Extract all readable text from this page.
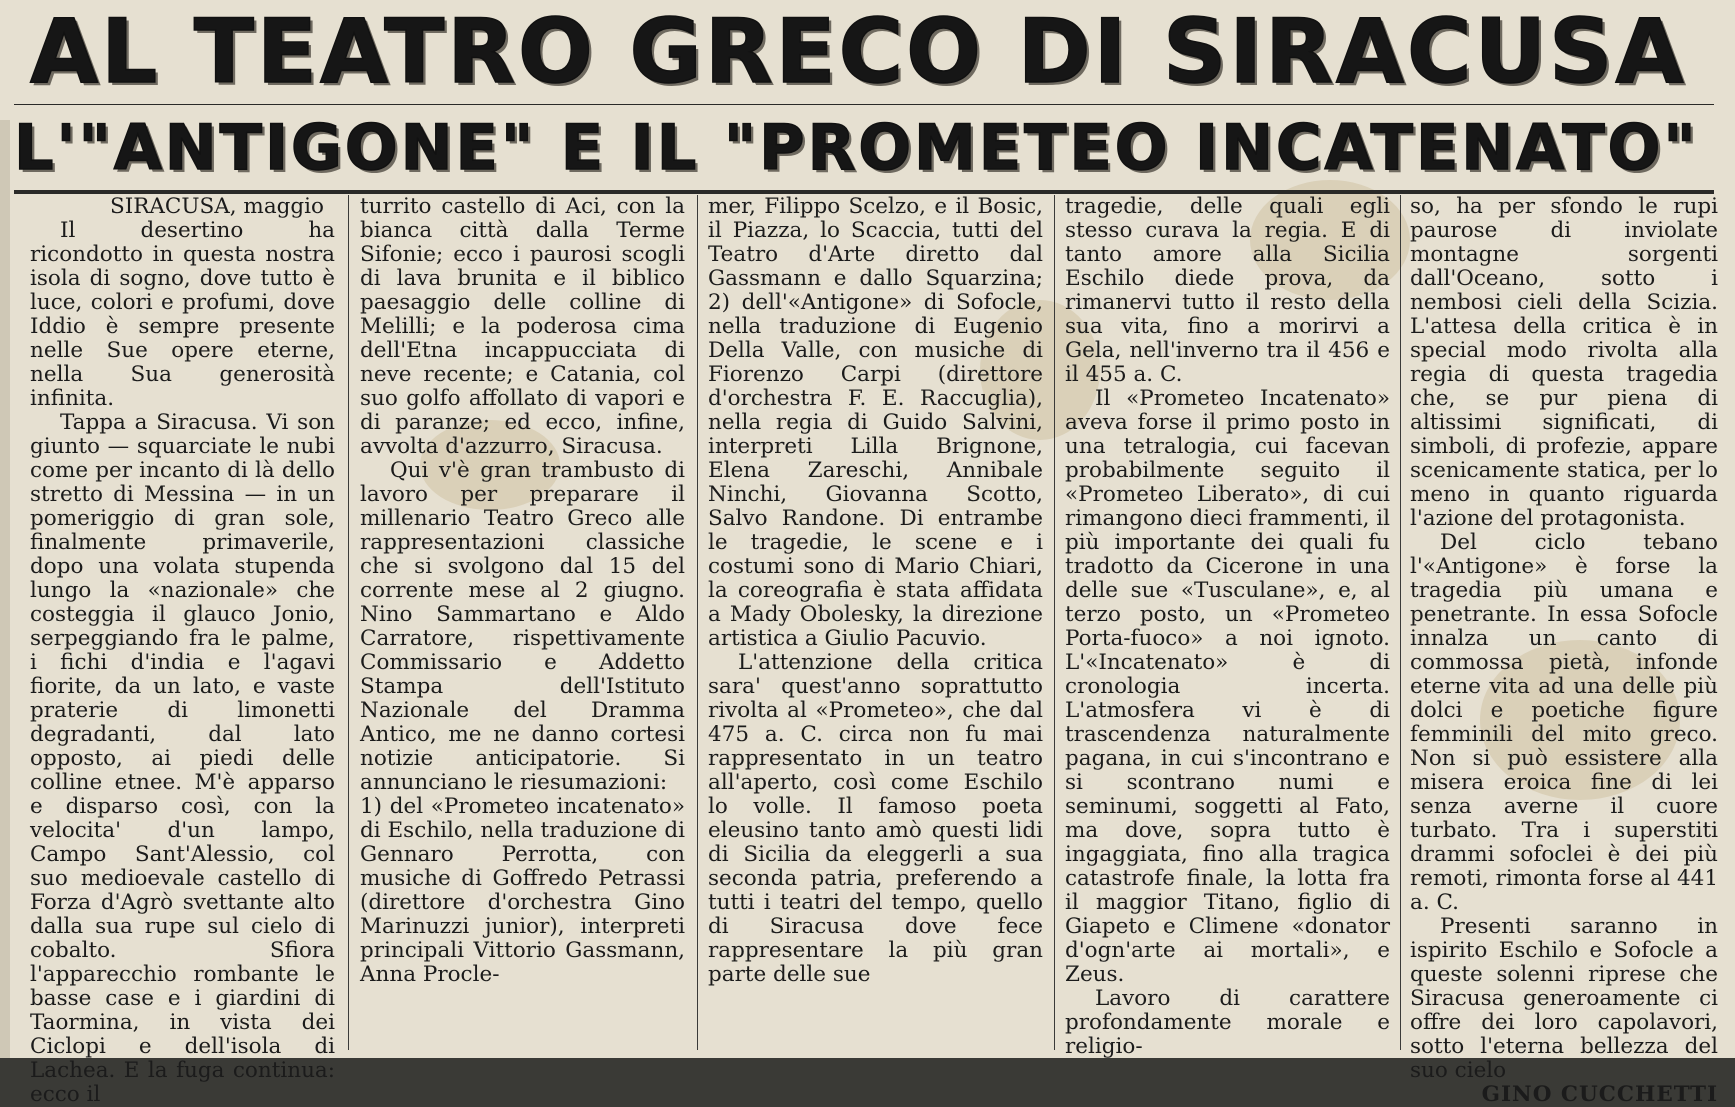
AL TEATRO GRECO DI SIRACUSA
L'"ANTIGONE" E IL "PROMETEO INCATENATO"

SIRACUSA, maggio

Il desertino ha ricondotto in questa nostra isola di sogno, dove tutto è luce, colori e profumi, dove Iddio è sempre presente nelle Sue opere eterne, nella Sua generosità infinita.

Tappa a Siracusa. Vi son giunto — squarciate le nubi come per incanto di là dello stretto di Messina — in un pomeriggio di gran sole, finalmente primaverile, dopo una volata stupenda lungo la «nazionale» che costeggia il glauco Jonio, serpeggiando fra le palme, i fichi d'india e l'agavi fiorite, da un lato, e vaste praterie di limonetti degradanti, dal lato opposto, ai piedi delle colline etnee. M'è apparso e disparso così, con la velocita' d'un lampo, Campo Sant'Alessio, col suo medioevale castello di Forza d'Agrò svettante alto dalla sua rupe sul cielo di cobalto. Sfiora l'apparecchio rombante le basse case e i giardini di Taormina, in vista dei Ciclopi e dell'isola di Lachea. E la fuga continua: ecco il

turrito castello di Aci, con la bianca città dalla Terme Sifonie; ecco i paurosi scogli di lava brunita e il biblico paesaggio delle colline di Melilli; e la poderosa cima dell'Etna incappucciata di neve recente; e Catania, col suo golfo affollato di vapori e di paranze; ed ecco, infine, avvolta d'azzurro, Siracusa.

Qui v'è gran trambusto di lavoro per preparare il millenario Teatro Greco alle rappresentazioni classiche che si svolgono dal 15 del corrente mese al 2 giugno. Nino Sammartano e Aldo Carratore, rispettivamente Commissario e Addetto Stampa dell'Istituto Nazionale del Dramma Antico, me ne danno cortesi notizie anticipatorie. Si annunciano le riesumazioni:

1) del «Prometeo incatenato» di Eschilo, nella traduzione di Gennaro Perrotta, con musiche di Goffredo Petrassi (direttore d'orchestra Gino Marinuzzi junior), interpreti principali Vittorio Gassmann, Anna Procle-

mer, Filippo Scelzo, e il Bosic, il Piazza, lo Scaccia, tutti del Teatro d'Arte diretto dal Gassmann e dallo Squarzina; 2) dell'«Antigone» di Sofocle, nella traduzione di Eugenio Della Valle, con musiche di Fiorenzo Carpi (direttore d'orchestra F. E. Raccuglia), nella regia di Guido Salvini, interpreti Lilla Brignone, Elena Zareschi, Annibale Ninchi, Giovanna Scotto, Salvo Randone. Di entrambe le tragedie, le scene e i costumi sono di Mario Chiari, la coreografia è stata affidata a Mady Obolesky, la direzione artistica a Giulio Pacuvio.

L'attenzione della critica sara' quest'anno soprattutto rivolta al «Prometeo», che dal 475 a. C. circa non fu mai rappresentato in un teatro all'aperto, così come Eschilo lo volle. Il famoso poeta eleusino tanto amò questi lidi di Sicilia da eleggerli a sua seconda patria, preferendo a tutti i teatri del tempo, quello di Siracusa dove fece rappresentare la più gran parte delle sue

tragedie, delle quali egli stesso curava la regia. E di tanto amore alla Sicilia Eschilo diede prova, da rimanervi tutto il resto della sua vita, fino a morirvi a Gela, nell'inverno tra il 456 e il 455 a. C.

Il «Prometeo Incatenato» aveva forse il primo posto in una tetralogia, cui facevan probabilmente seguito il «Prometeo Liberato», di cui rimangono dieci frammenti, il più importante dei quali fu tradotto da Cicerone in una delle sue «Tusculane», e, al terzo posto, un «Prometeo Porta-fuoco» a noi ignoto. L'«Incatenato» è di cronologia incerta. L'atmosfera vi è di trascendenza naturalmente pagana, in cui s'incontrano e si scontrano numi e seminumi, soggetti al Fato, ma dove, sopra tutto è ingaggiata, fino alla tragica catastrofe finale, la lotta fra il maggior Titano, figlio di Giapeto e Climene «donator d'ogn'arte ai mortali», e Zeus.

Lavoro di carattere profondamente morale e religio-

so, ha per sfondo le rupi paurose di inviolate montagne sorgenti dall'Oceano, sotto i nembosi cieli della Scizia. L'attesa della critica è in special modo rivolta alla regia di questa tragedia che, se pur piena di altissimi significati, di simboli, di profezie, appare scenicamente statica, per lo meno in quanto riguarda l'azione del protagonista.

Del ciclo tebano l'«Antigone» è forse la tragedia più umana e penetrante. In essa Sofocle innalza un canto di commossa pietà, infonde eterne vita ad una delle più dolci e poetiche figure femminili del mito greco. Non si può essistere alla misera eroica fine di lei senza averne il cuore turbato. Tra i superstiti drammi sofoclei è dei più remoti, rimonta forse al 441 a. C.

Presenti saranno in ispirito Eschilo e Sofocle a queste solenni riprese che Siracusa generoamente ci offre dei loro capolavori, sotto l'eterna bellezza del suo cielo

GINO CUCCHETTI
